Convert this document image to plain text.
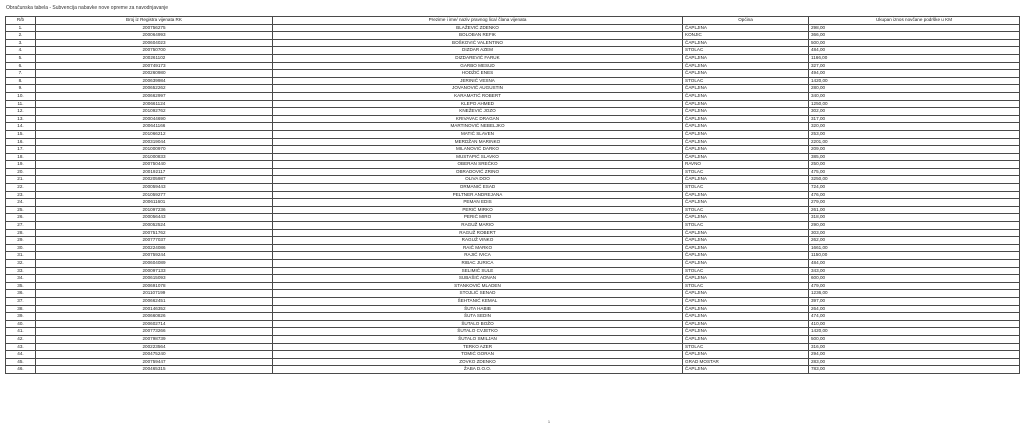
Obračunska tabela - Subvencija nabavke nove opreme za navodnjavanje
R/b	Broj iz Registra vijenata RK	Prezime i ime/ naziv pravnog lica/ člana vijenata	Općina	Ukupan iznos novčane podrške u KM
1.	200756275	BLAŽEVIĆ ZDENKO	ČAPLJINA	298,00
2.	200064993	BOLOBAN REFIK	KONJIC	366,00
3.	200604023	BOŠKOVIĆ VALENTINO	ČAPLJINA	500,00
4.	200750700	DIZDAR AZEM	STOLAC	484,00
5.	200261102	DIZDAREVIĆ FARUK	ČAPLJINA	1166,00
6.	200749173	GARBO MESUD	ČAPLJINA	327,00
7.	200260980	HODŽIĆ ENES	ČAPLJINA	494,00
8.	200639984	JERINIĆ VESNA	STOLAC	1420,00
9.	200652262	JOVANOVIĆ AUGUSTIN	ČAPLJINA	280,00
10.	200662997	KARAMATIĆ ROBERT	ČAPLJINA	340,00
11.	200661124	KLEPO AHMED	ČAPLJINA	1250,00
12.	201092762	KNEŽEVIĆ JOZO	ČAPLJINA	302,00
13.	200044690	KRIVAVAC DRAGAN	ČAPLJINA	317,00
14.	200641166	MARTINOVIĆ NEBELJKO	ČAPLJINA	320,00
15.	201066212	MATIĆ SLAVEN	ČAPLJINA	253,00
16.	200319044	MERDŽAN MARINKO	ČAPLJINA	2201,00
17.	201000970	MILANOVIĆ DARKO	ČAPLJINA	209,00
18.	201000833	MUSTAPIĆ SLAVKO	ČAPLJINA	385,00
19.	200750440	OBERAN SREĆKO	RAVNO	250,00
20.	200192117	OBRADOVIĆ ZRINO	STOLAC	475,00
21.	200205987	OLIVA DOO	ČAPLJINA	3250,00
22.	200059443	ORMANIĆ ESAD	STOLAC	724,00
23.	201059277	PELTNER ANDREJANA	ČAPLJINA	476,00
24.	200611601	PEMAN EDIS	ČAPLJINA	279,00
25.	201097236	PERIĆ MIRKO	STOLAC	261,00
26.	200056443	PERIĆ MIRO	ČAPLJINA	318,00
27.	200052524	RAGUŽ MARIO	STOLAC	290,00
28.	200751762	RAGUŽ ROBERT	ČAPLJINA	303,00
29.	200777037	RAGUŽ VINKO	ČAPLJINA	262,00
30.	200224086	RAIČ MARKO	ČAPLJINA	1661,00
31.	200759244	RAJIĆ IVICA	ČAPLJINA	1150,00
32.	200604089	RIBAC JURICA	ČAPLJINA	484,00
33.	200097133	SELIMIĆ SULE	STOLAC	343,00
34.	200615093	SUBAŠIĆ ADNAN	ČAPLJINA	600,00
35.	200691078	STANKOVIĆ MLADEN	STOLAC	479,00
36.	201107199	STOJLIĆ SENAD	ČAPLJINA	1236,00
37.	200662451	ŠEHTANIĆ KEMAL	ČAPLJINA	397,00
38.	200146352	ŠUTA HABIB	ČAPLJINA	264,00
39.	200660826	ŠUTA SEDIN	ČAPLJINA	474,00
40.	200602714	ŠUTALO BOŽO	ČAPLJINA	410,00
41.	200773266	ŠUTALO CVJETKO	ČAPLJINA	1420,00
42.	200798739	ŠUTALO SMILJAN	ČAPLJINA	500,00
43.	200223564	TERKO AZER	STOLAC	316,00
44.	200475240	TOMIĆ GORAN	ČAPLJINA	294,00
45.	200759447	ZOVKO ZDENKO	GRAD MOSTAR	283,00
46.	200465315	ŽABA D.O.O.	ČAPLJINA	783,00
1
